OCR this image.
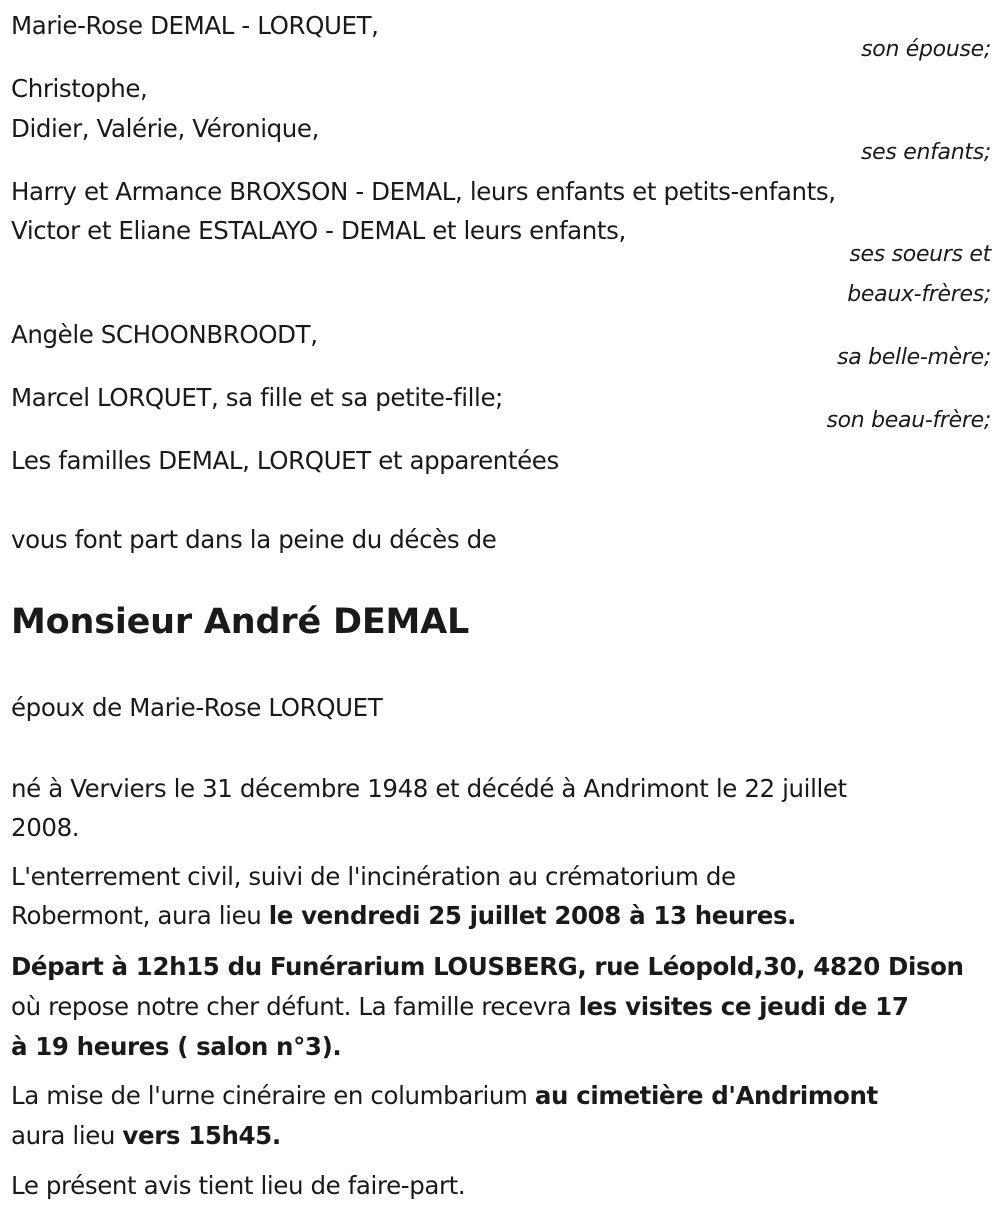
Marie-Rose DEMAL - LORQUET,
son épouse;
Christophe,
Didier, Valérie, Véronique,
ses enfants;
Harry et Armance BROXSON - DEMAL, leurs enfants et petits-enfants,
Victor et Eliane ESTALAYO - DEMAL et leurs enfants,
ses soeurs et
beaux-frères;
Angèle SCHOONBROODT,
sa belle-mère;
Marcel LORQUET, sa fille et sa petite-fille;
son beau-frère;
Les familles DEMAL, LORQUET et apparentées
vous font part dans la peine du décès de
Monsieur André DEMAL
époux de Marie-Rose LORQUET
né à Verviers le 31 décembre 1948 et décédé à Andrimont le 22 juillet
2008.
L'enterrement civil, suivi de l'incinération au crématorium de
Robermont, aura lieu le vendredi 25 juillet 2008 à 13 heures.
Départ à 12h15 du Funérarium LOUSBERG, rue Léopold,30, 4820 Dison
où repose notre cher défunt. La famille recevra les visites ce jeudi de 17
à 19 heures ( salon n°3).
La mise de l'urne cinéraire en columbarium au cimetière d'Andrimont
aura lieu vers 15h45.
Le présent avis tient lieu de faire-part.
